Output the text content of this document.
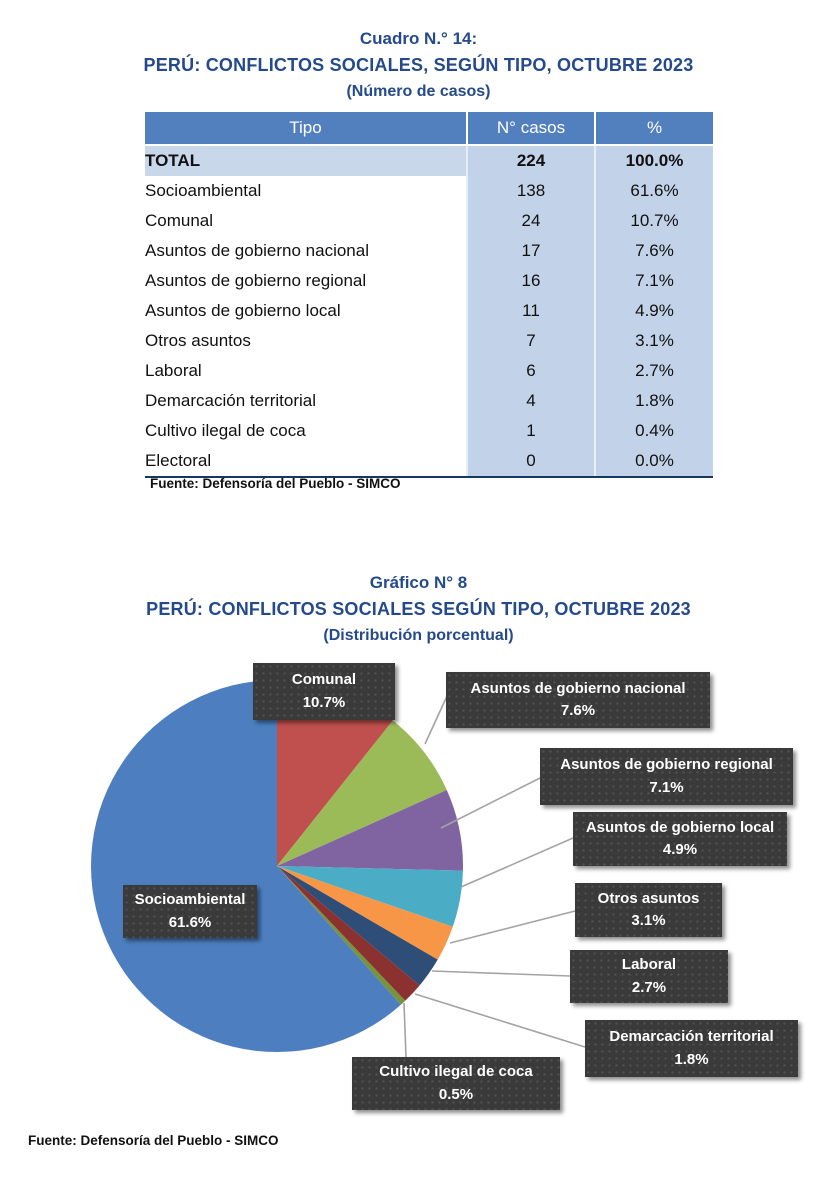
Cuadro N.° 14:
PERÚ: CONFLICTOS SOCIALES, SEGÚN TIPO, OCTUBRE 2023
(Número de casos)
Tipo	N° casos	%
TOTAL	224	100.0%
Socioambiental	138	61.6%
Comunal	24	10.7%
Asuntos de gobierno nacional	17	7.6%
Asuntos de gobierno regional	16	7.1%
Asuntos de gobierno local	11	4.9%
Otros asuntos	7	3.1%
Laboral	6	2.7%
Demarcación territorial	4	1.8%
Cultivo ilegal de coca	1	0.4%
Electoral	0	0.0%
Fuente: Defensoría del Pueblo - SIMCO
Gráfico N° 8
PERÚ: CONFLICTOS SOCIALES SEGÚN TIPO, OCTUBRE 2023
(Distribución porcentual)
Comunal
10.7%
Asuntos de gobierno nacional
7.6%
Asuntos de gobierno regional
7.1%
Asuntos de gobierno local
4.9%
Otros asuntos
3.1%
Laboral
2.7%
Demarcación territorial
1.8%
Cultivo ilegal de coca
0.5%
Socioambiental
61.6%
Fuente: Defensoría del Pueblo - SIMCO
